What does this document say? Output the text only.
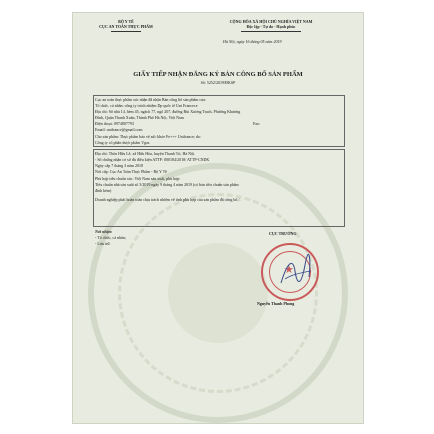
BỘ Y TẾ
CỤC AN TOÀN THỰC PHẨM
CỘNG HÒA XÃ HỘI CHỦ NGHĨA VIỆT NAM
Độc lập - Tự do - Hạnh phúc
Hà Nội, ngày 16 tháng 05 năm 2019
GIẤY TIẾP NHẬN ĐĂNG KÝ BẢN CÔNG BỐ SẢN PHẨM
Số: 5252/2019/ĐKSP
Cục an toàn thực phẩm xác nhận đã nhận Bản công bố sản phẩm của:
Tổ chức, cá nhân: công ty trách nhiệm Dp quốc tế Uni Francece
Địa chỉ: Số nhà 14, hẻm 45, ngách 77, ngõ 207, đường Bùi Xương Trạch, Phường Khương
Đình, Quận Thanh Xuân, Thành Phố Hà Nội, Việt Nam
Điện thoại: 0974807793	Fax:
Email: unifrance@gmail.com
Cho sản phẩm: Thực phẩm bảo vệ sức khỏe Fe+++ Unifrance; do:
Công ty cổ phần dược phẩm Vgas
Địa chỉ: Thôn Hữu Lê, xã Hữu Hòa, huyện Thanh Trì, Hà Nội.
- Số chứng nhận cơ sở đủ điều kiện ATTP: 000184/2018/ ATTP-CNDK
Ngày cấp 7 tháng 3 năm 2018
Nơi cấp: Cục An Toàn Thực Phẩm - Bộ Y Tế
Phù hợp tiêu chuẩn xác: Việt Nam sản xuất, phù hợp:
Tiêu chuẩn nhà sản xuất số 3/2019 ngày 9 tháng 4 năm 2019 (có bản tiêu chuẩn sản phẩm
đính kèm)
Doanh nghiệp phải hoàn toàn chịu trách nhiệm về tính phù hợp của sản phẩm đã công bố./.
Nơi nhận:
- Tổ chức, cá nhân;
- Lưu trữ.
CỤC TRƯỞNG
★
Nguyễn Thanh Phong
